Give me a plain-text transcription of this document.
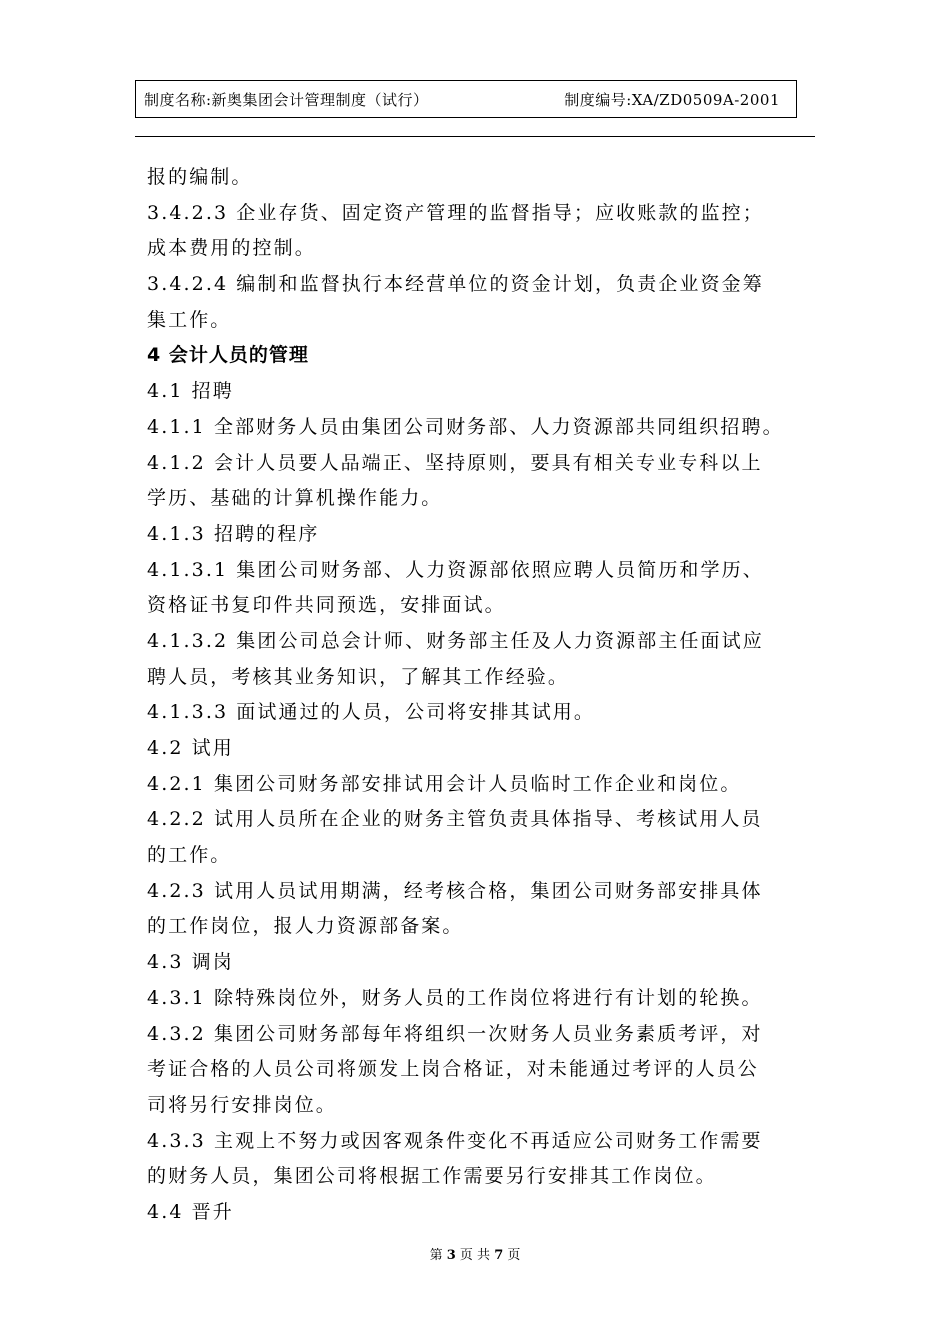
制度名称:新奥集团会计管理制度（试行）	制度编号:XA/ZD0509A-2001
报的编制。
3.4.2.3 企业存货、固定资产管理的监督指导；应收账款的监控；
成本费用的控制。
3.4.2.4 编制和监督执行本经营单位的资金计划，负责企业资金筹
集工作。
4 会计人员的管理
4.1 招聘
4.1.1 全部财务人员由集团公司财务部、人力资源部共同组织招聘。
4.1.2 会计人员要人品端正、坚持原则，要具有相关专业专科以上
学历、基础的计算机操作能力。
4.1.3 招聘的程序
4.1.3.1 集团公司财务部、人力资源部依照应聘人员简历和学历、
资格证书复印件共同预选，安排面试。
4.1.3.2 集团公司总会计师、财务部主任及人力资源部主任面试应
聘人员，考核其业务知识，了解其工作经验。
4.1.3.3 面试通过的人员，公司将安排其试用。
4.2 试用
4.2.1 集团公司财务部安排试用会计人员临时工作企业和岗位。
4.2.2 试用人员所在企业的财务主管负责具体指导、考核试用人员
的工作。
4.2.3 试用人员试用期满，经考核合格，集团公司财务部安排具体
的工作岗位，报人力资源部备案。
4.3 调岗
4.3.1 除特殊岗位外，财务人员的工作岗位将进行有计划的轮换。
4.3.2 集团公司财务部每年将组织一次财务人员业务素质考评，对
考证合格的人员公司将颁发上岗合格证，对未能通过考评的人员公
司将另行安排岗位。
4.3.3 主观上不努力或因客观条件变化不再适应公司财务工作需要
的财务人员，集团公司将根据工作需要另行安排其工作岗位。
4.4 晋升
第 3 页 共 7 页
